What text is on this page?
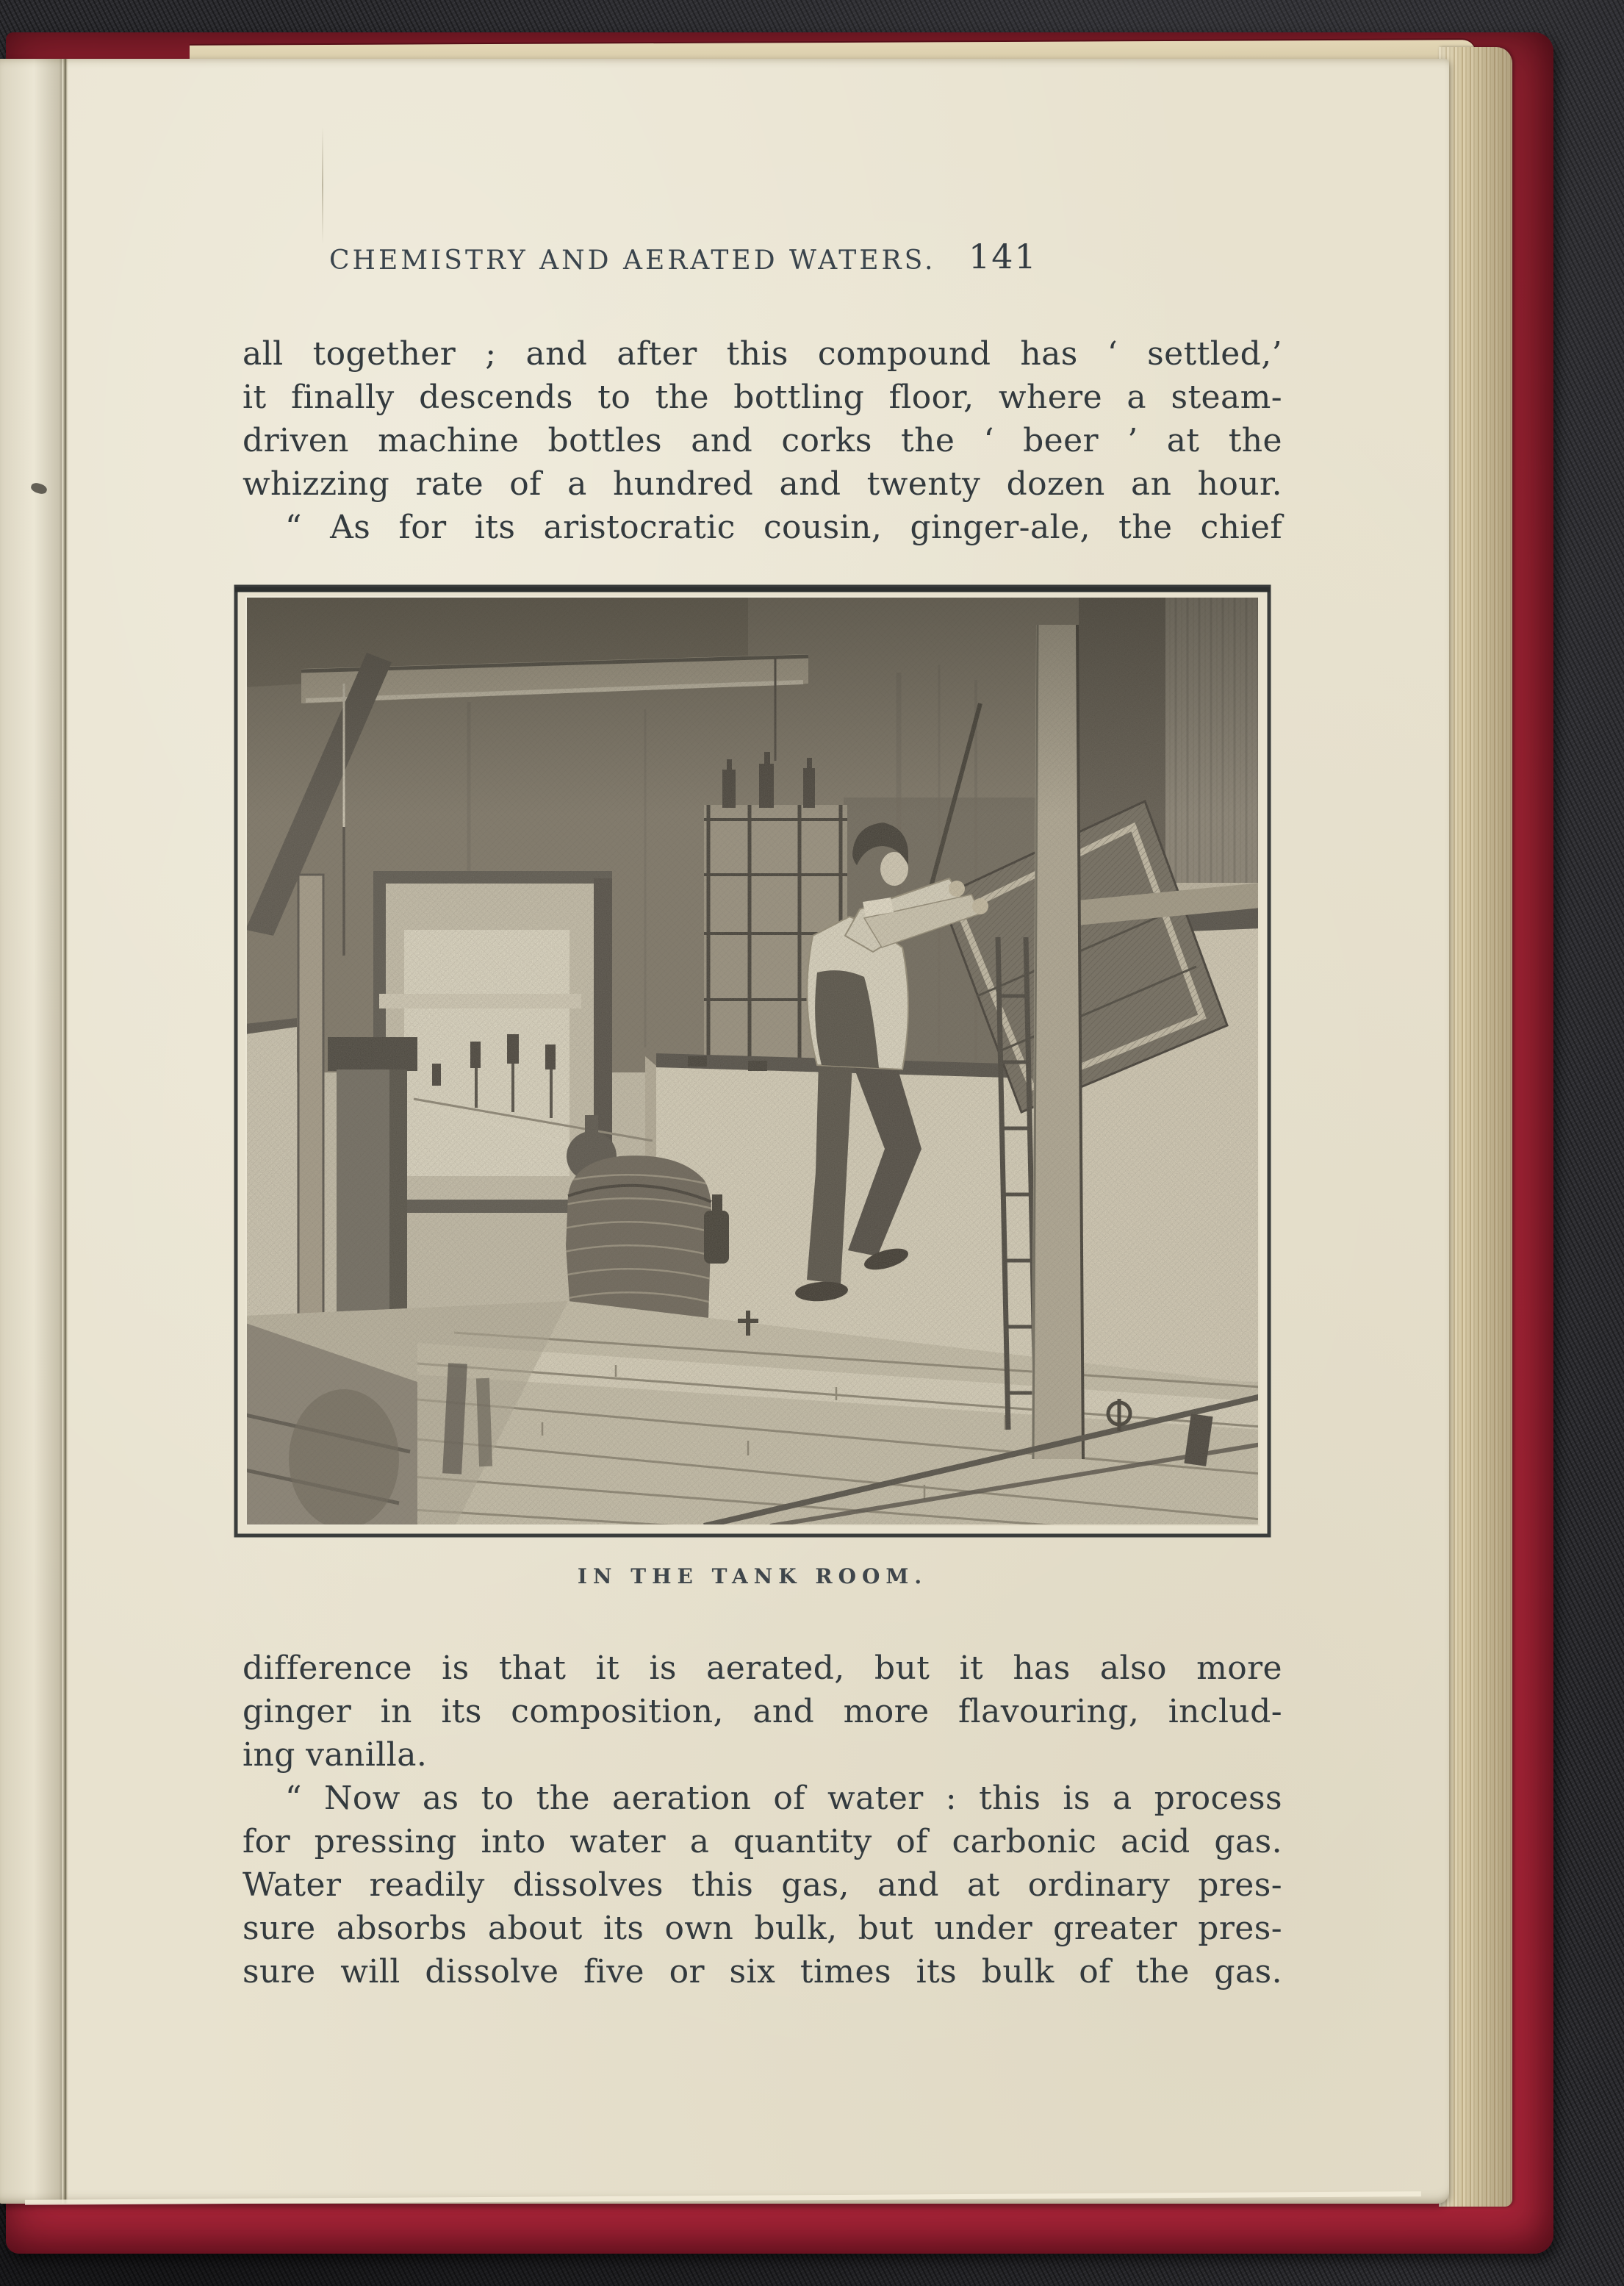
CHEMISTRY AND AERATED WATERS. 141
all together ; and after this compound has ‘ settled,’
it finally descends to the bottling floor, where a steam-
driven machine bottles and corks the ‘ beer ’ at the
whizzing rate of a hundred and twenty dozen an hour.
“ As for its aristocratic cousin, ginger-ale, the chief
IN THE TANK ROOM.
difference is that it is aerated, but it has also more
ginger in its composition, and more flavouring, includ-
ing vanilla.
“ Now as to the aeration of water : this is a process
for pressing into water a quantity of carbonic acid gas.
Water readily dissolves this gas, and at ordinary pres-
sure absorbs about its own bulk, but under greater pres-
sure will dissolve five or six times its bulk of the gas.
